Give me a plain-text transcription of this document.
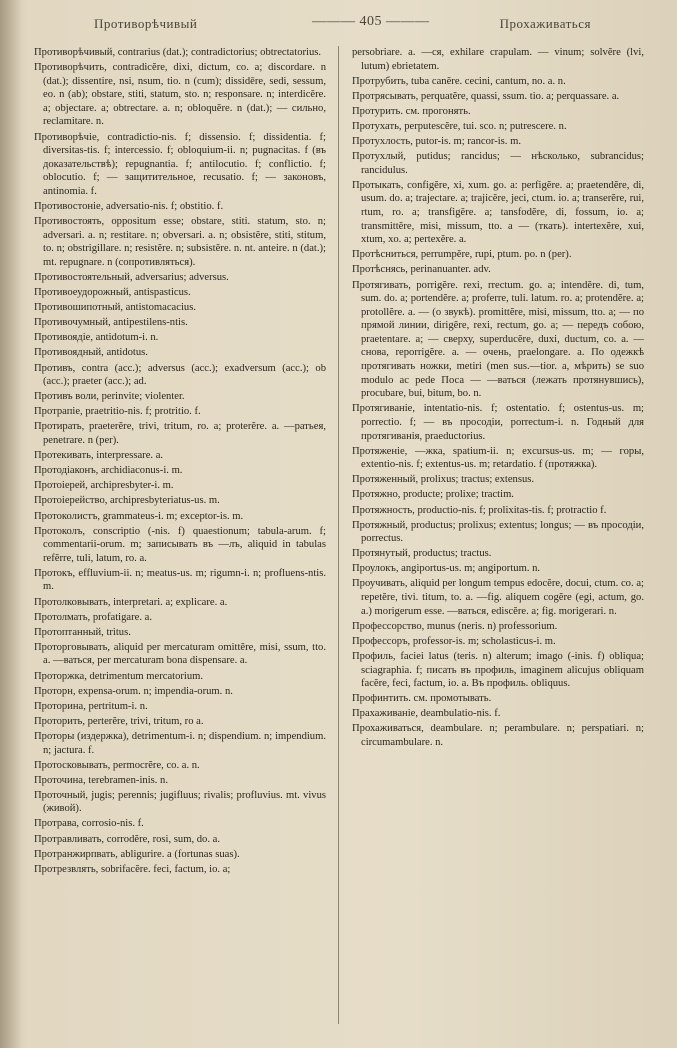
Противорѣчивый	——— 405 ———	Прохаживаться

Противорѣчивый, contrarius (dat.); contradictorius; obtrectatorius.

Противорѣчить, contradicĕre, dixi, dictum, co. a; discordare. n (dat.); dissentire, nsi, nsum, tio. n (cum); dissidēre, sedi, sessum, eo. n (ab); obstare, stiti, statum, sto. n; responsare. n; interdicĕre. a; objectare. a; obtrectare. a. n; obloquĕre. n (dat.); — сильно, reclamitare. n.

Противорѣчіе, contradictio-nis. f; dissensio. f; dissidentia. f; diversitas-tis. f; intercessio. f; obloquium-ii. n; pugnacitas. f (въ доказательствѣ); repugnantia. f; antilocutio. f; conflictio. f; oblocutio. f; — защитительное, recusatio. f; — законовъ, antinomia. f.

Противостоніе, adversatio-nis. f; obstitio. f.

Противостоять, oppositum esse; obstare, stiti. statum, sto. n; adversari. a. n; restitare. n; obversari. a. n; obsistĕre, stiti, stitum, to. n; obstrigillare. n; resistĕre. n; subsistĕre. n. nt. anteire. n (dat.); mt. repugnare. n (coпротивляться).

Противостоятельный, adversarius; adversus.

Противоеудорожный, antispasticus.

Противошипотный, antistomacacius.

Противочумный, antipestilens-ntis.

Противоядіе, antidotum-i. n.

Противоядный, antidotus.

Противъ, contra (acc.); adversus (acc.); exadversum (acc.); ob (acc.); praeter (acc.); ad.

Противъ воли, perinvite; violenter.

Протрапіе, praetritio-nis. f; protritio. f.

Протирать, praeterĕre, trivi, tritum, ro. a; proterĕre. a. —ратьея, penetrare. n (per).

Протекивать, interpressare. a.

Протодіаконъ, archidiaconus-i. m.

Протоіерей, archipresbyter-i. m.

Протоіерейство, archipresbyteriatus-us. m.

Протоколистъ, grammateus-i. m; exceptor-is. m.

Протоколъ, conscriptio (-nis. f) quaestionum; tabula-arum. f; commentarii-orum. m; записывать въ —лъ, aliquid in tabulas refĕrre, tuli, latum, ro. a.

Протокъ, effluvium-ii. n; meatus-us. m; rigumn-i. n; profluens-ntis. m.

Протолковывать, interpretari. a; explicare. a.

Протолмать, profatigare. a.

Протоптанный, tritus.

Проторговывать, aliquid per mercaturam omittĕre, misi, ssum, tto. a. —ваться, per mercaturam bona dispensare. a.

Проторжка, detrimentum mercatorium.

Проторн, expensa-orum. n; impendia-orum. n.

Проторина, pertritum-i. n.

Проторить, perterĕre, trivi, tritum, ro a.

Проторы (издержка), detrimentum-i. n; dispendium. n; impendium. n; jactura. f.

Протосковывать, permocrĕre, co. a. n.

Проточина, terebramen-inis. n.

Проточный, jugis; perennis; jugifluus; rivalis; profluvius. mt. vivus (живой).

Протрава, corrosio-nis. f.

Протравливать, corrodĕre, rosi, sum, do. a.

Протранжирпвать, abligurire. a (fortunas suas).

Протрезвлять, sobrifacĕre. feci, factum, io. a;

persobriare. a. —ся, exhilare crapulam. — vinum; solvĕre (lvi, lutum) ebrietatem.

Протрубить, tuba canĕre. cecini, cantum, no. a. n.

Протрясывать, perquatĕre, quassi, ssum. tio. a; perquassare. a.

Протурить. см. прогонять.

Протухать, perputescĕre, tui. sco. n; putrescere. n.

Протухлость, putor-is. m; rancor-is. m.

Протухлый, putidus; rancidus; — нѣсколько, subrancidus; rancidulus.

Протыкать, configĕre, xi, xum. go. a: perfigĕre. a; praetendĕre, di, usum. do. a; trajectare. a; trajicĕre, jeci, ctum. io. a; transerĕre, rui, rtum, ro. a; transfigĕre. a; tansfodĕre, di, fossum, io. a; transmittĕre, misi, missum, tto. a — (ткать). intertexĕre, xui, xtum, xo. a; pertexĕre. a.

Протѣсниться, perrumpĕre, rupi, ptum. po. n (per).

Протѣснясь, perinanuanter. adv.

Протягивать, porrigĕre. rexi, rrectum. go. a; intendĕre. di, tum, sum. do. a; portendĕre. a; proferre, tuli. latum. ro. a; protendĕre. a; protollĕre. a. — (о звукѣ). promittĕre, misi, missum, tto. a; — по прямой линии, dirigĕre, rexi, rectum, go. a; — передъ собою, praetentare. a; — сверху, superducĕre, duxi, ductum, co. a. —снова, reporrigĕre. a. — очень, praelongare. a. По одежкѣ протягивать ножки, metiri (men sus.—tior. a, мѣрить) se suo modulo ac pede Поса — —ваться (лежать протянувшись), procubare, bui, bitum, bo. n.

Протягиваніе, intentatio-nis. f; ostentatio. f; ostentus-us. m; porrectio. f; — въ просодіи, porrectum-i. n. Годный для протягиванія, praeductorius.

Протяженіе, —жка, spatium-ii. n; excursus-us. m; — горы, extentio-nis. f; extentus-us. m; retardatio. f (протяжка).

Протяженный, prolixus; tractus; extensus.

Протяжно, producte; prolixe; tractim.

Протяжность, productio-nis. f; prolixitas-tis. f; protractio f.

Протяжный, productus; prolixus; extentus; longus; — въ просодіи, porrectus.

Протянутый, productus; tractus.

Проулокъ, angiportus-us. m; angiportum. n.

Проучивать, aliquid per longum tempus edocĕre, docui, ctum. co. a; repetĕre, tivi. titum, to. a. —fig. aliquem cogĕre (egi, actum, go. a.) morigerum esse. —ваться, ediscĕre. a; fig. morigerari. n.

Профессорство, munus (neris. n) professorium.

Профессоръ, professor-is. m; scholasticus-i. m.

Профиль, faciei latus (teris. n) alterum; imago (-inis. f) obliqua; sciagraphia. f; писать въ профиль, imaginem alicujus obliquam facĕre, feci, factum, io. a. Въ профиль. obliquus.

Профинтить. см. промотывать.

Прахаживаніе, deambulatio-nis. f.

Прохаживаться, deambulare. n; perambulare. n; perspatiari. n; circumambulare. n.
